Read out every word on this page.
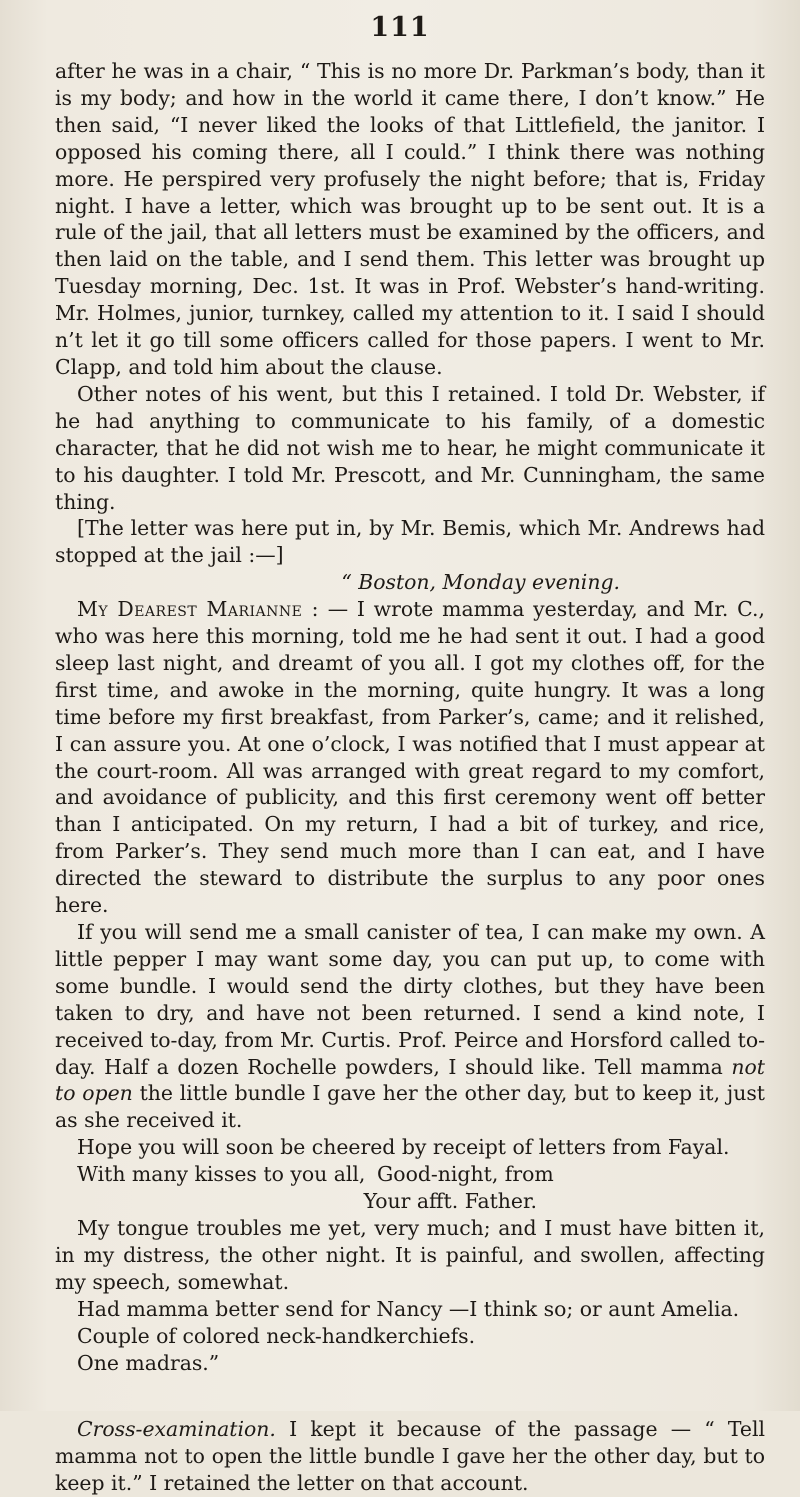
111

after he was in a chair, “ This is no more Dr. Parkman’s body, than it is my body; and how in the world it came there, I don’t know.” He then said, “I never liked the looks of that Littlefield, the janitor. I opposed his coming there, all I could.” I think there was nothing more. He perspired very profusely the night before; that is, Friday night. I have a letter, which was brought up to be sent out. It is a rule of the jail, that all letters must be examined by the officers, and then laid on the table, and I send them. This letter was brought up Tuesday morning, Dec. 1st. It was in Prof. Webster’s hand-writing. Mr. Holmes, junior, turnkey, called my attention to it. I said I should n’t let it go till some officers called for those papers. I went to Mr. Clapp, and told him about the clause.

Other notes of his went, but this I retained. I told Dr. Webster, if he had anything to communicate to his family, of a domestic character, that he did not wish me to hear, he might communicate it to his daughter. I told Mr. Prescott, and Mr. Cunningham, the same thing.

[The letter was here put in, by Mr. Bemis, which Mr. Andrews had stopped at the jail :—]

“ Boston, Monday evening.

My Dearest Marianne : — I wrote mamma yesterday, and Mr. C., who was here this morning, told me he had sent it out. I had a good sleep last night, and dreamt of you all. I got my clothes off, for the first time, and awoke in the morning, quite hungry. It was a long time before my first breakfast, from Parker’s, came; and it relished, I can assure you. At one o’clock, I was notified that I must appear at the court-room. All was arranged with great regard to my comfort, and avoidance of publicity, and this first ceremony went off better than I anticipated. On my return, I had a bit of turkey, and rice, from Parker’s. They send much more than I can eat, and I have directed the steward to distribute the surplus to any poor ones here.

If you will send me a small canister of tea, I can make my own. A little pepper I may want some day, you can put up, to come with some bundle. I would send the dirty clothes, but they have been taken to dry, and have not been returned. I send a kind note, I received to-day, from Mr. Curtis. Prof. Peirce and Horsford called to-day. Half a dozen Rochelle powders, I should like. Tell mamma not to open the little bundle I gave her the other day, but to keep it, just as she received it.

Hope you will soon be cheered by receipt of letters from Fayal.

With many kisses to you all, Good-night, from

Your afft. Father.

My tongue troubles me yet, very much; and I must have bitten it, in my distress, the other night. It is painful, and swollen, affecting my speech, somewhat.

Had mamma better send for Nancy —I think so; or aunt Amelia.

Couple of colored neck-handkerchiefs.

One madras.”

Cross-examination. I kept it because of the passage — “ Tell mamma not to open the little bundle I gave her the other day, but to keep it.” I retained the letter on that account.
